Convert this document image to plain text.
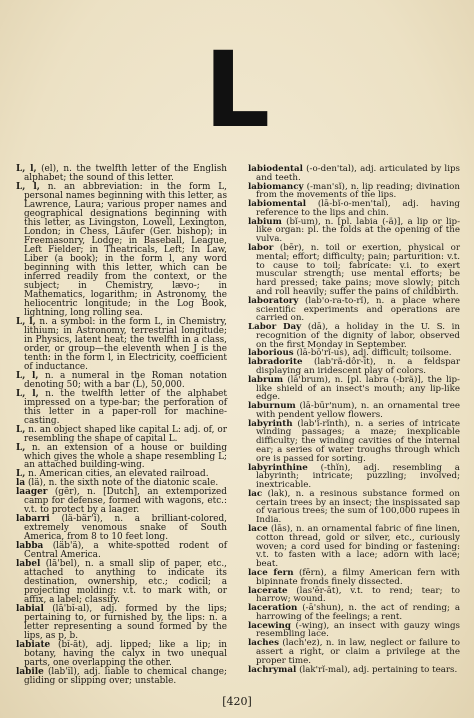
L

L, l, (el), n. the twelfth letter of the English alphabet; the sound of this letter.

L, l, n. an abbreviation: in the form L, personal names beginning with this letter, as Lawrence, Laura; various proper names and geographical designations beginning with this letter, as Livingston, Lowell, Lexington, London; in Chess, Läufer (Ger. bishop); in Freemasonry, Lodge; in Baseball, League, Left Fielder; in Theatricals, Left; In Law, Liber (a book); in the form l, any word beginning with this letter, which can be inferred readily from the context, or the subject; in Chemistry, lævo-; in Mathematics, logarithm; in Astronomy, the heliocentric longitude; in the Log Book, lightning, long rolling sea.

L, l, n. a symbol: in the form L, in Chemistry, lithium; in Astronomy, terrestrial longitude; in Physics, latent heat; the twelfth in a class, order, or group—the eleventh when J is the tenth: in the form l, in Electricity, coefficient of inductance.

L, l, n. a numeral in the Roman notation denoting 50; with a bar (L̄), 50,000.

L, l, n. the twelfth letter of the alphabet impressed on a type-bar; the perforation of this letter in a paper-roll for machine-casting.

L, n. an object shaped like capital L: adj. of, or resembling the shape of capital L.

L, n. an extension of a house or building which gives the whole a shape resembling L; an attached building-wing.

L, n. American cities, an elevated railroad.

la (lä), n. the sixth note of the diatonic scale.

laager (gēr), n. [Dutch], an extemporized camp for defense, formed with wagons, etc.: v.t. to protect by a laager.

labarri (lä-bär'ĭ), n. a brilliant-colored, extremely venomous snake of South America, from 8 to 10 feet long.

labba (läb'ä), a white-spotted rodent of Central America.

label (lā'bel), n. a small slip of paper, etc., attached to anything to indicate its destination, ownership, etc.; codicil; a projecting molding: v.t. to mark with, or affix, a label; classify.

labial (lā'bĭ-al), adj. formed by the lips; pertaining to, or furnished by, the lips: n. a letter representing a sound formed by the lips, as p, b.

labiate (bĭ-āt), adj. lipped; like a lip; in botany, having the calyx in two unequal parts, one overlapping the other.

labile (lab'ĭl), adj. liable to chemical change; gliding or slipping over; unstable.

labiodental (-o-den'tal), adj. articulated by lips and teeth.

labiomancy (-man'sĭ), n. lip reading; divination from the movements of the lips.

labiomental (lā-bĭ-o-men'tal), adj. having reference to the lips and chin.

labium (bĭ-um), n. [pl. labia (-ä)], a lip or lip-like organ: pl. the folds at the opening of the vulva.

labor (bēr), n. toil or exertion, physical or mental; effort; difficulty; pain; parturition: v.t. to cause to toil; fabricate: v.i. to exert muscular strength; use mental efforts; be hard pressed; take pains; move slowly; pitch and roll heavily; suffer the pains of childbirth.

laboratory (lab'o-ra-to-rĭ), n. a place where scientific experiments and operations are carried on.

Labor Day (dā), a holiday in the U. S. in recognition of the dignity of labor, observed on the first Monday in September.

laborious (lā-bō'rĭ-us), adj. difficult; toilsome.

labradorite (lab'rä-dôr-īt), n. a feldspar displaying an iridescent play of colors.

labrum (lā'brum), n. [pl. labra (-brä)], the lip-like shield of an insect's mouth; any lip-like edge.

laburnum (lā-būr'num), n. an ornamental tree with pendent yellow flowers.

labyrinth (lab'ĭ-rĭnth), n. a series of intricate winding passages; a maze; inexplicable difficulty; the winding cavities of the internal ear; a series of water troughs through which ore is passed for sorting.

labyrinthine (-thĭn), adj. resembling a labyrinth; intricate; puzzling; involved; inextricable.

lac (lak), n. a resinous substance formed on certain trees by an insect; the inspissated sap of various trees; the sum of 100,000 rupees in India.

lace (lās), n. an ornamental fabric of fine linen, cotton thread, gold or silver, etc., curiously woven; a cord used for binding or fastening: v.t. to fasten with a lace; adorn with lace; beat.

lace fern (fērn), a filmy American fern with bipinnate fronds finely dissected.

lacerate (las'ēr-āt), v.t. to rend; tear; to harrow; wound.

laceration (-ā'shun), n. the act of rending; a harrowing of the feelings; a rent.

lacewing (-wing), an insect with gauzy wings resembling lace.

laches (lach'ez), n. in law, neglect or failure to assert a right, or claim a privilege at the proper time.

lachrymal (lak'rĭ-mal), adj. pertaining to tears.

[420]
